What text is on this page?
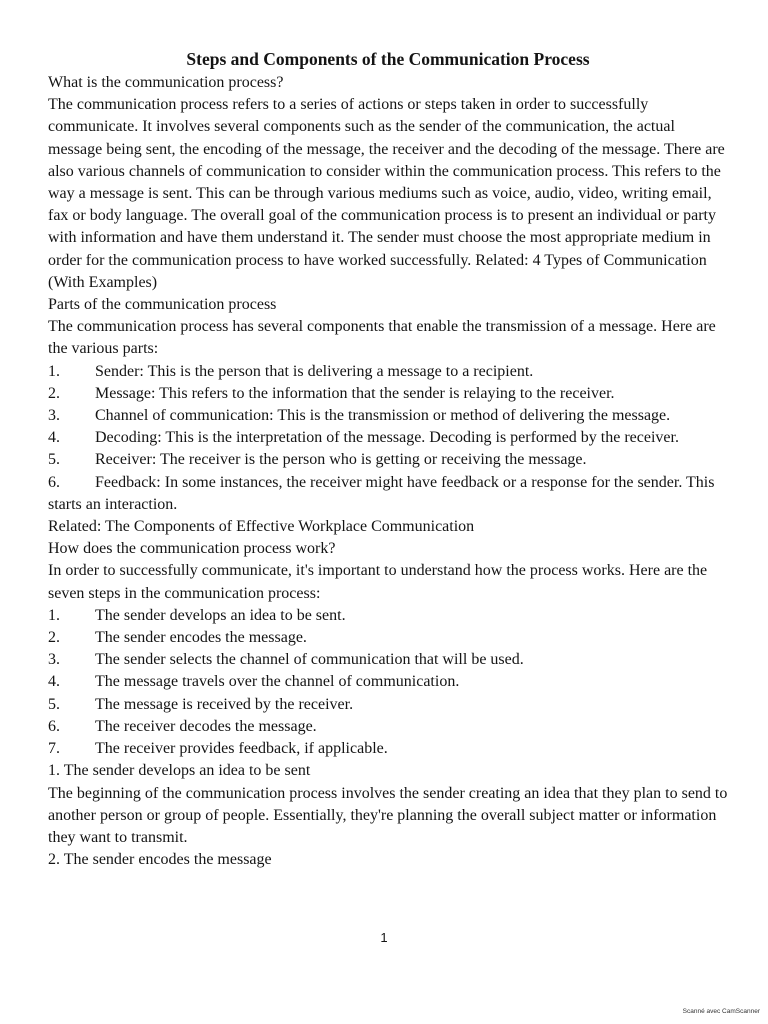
Steps and Components of the Communication Process

What is the communication process?

The communication process refers to a series of actions or steps taken in order to successfully communicate. It involves several components such as the sender of the communication, the actual message being sent, the encoding of the message, the receiver and the decoding of the message. There are also various channels of communication to consider within the communication process. This refers to the way a message is sent. This can be through various mediums such as voice, audio, video, writing email, fax or body language. The overall goal of the communication process is to present an individual or party with information and have them understand it. The sender must choose the most appropriate medium in order for the communication process to have worked successfully. Related: 4 Types of Communication (With Examples)

Parts of the communication process

The communication process has several components that enable the transmission of a message. Here are the various parts:

1.	Sender: This is the person that is delivering a message to a recipient.
2.	Message: This refers to the information that the sender is relaying to the receiver.
3.	Channel of communication: This is the transmission or method of delivering the message.
4. Decoding: This is the interpretation of the message. Decoding is performed by the receiver.
5.	Receiver: The receiver is the person who is getting or receiving the message.
6. Feedback: In some instances, the receiver might have feedback or a response for the sender. This starts an interaction.

Related: The Components of Effective Workplace Communication

How does the communication process work?

In order to successfully communicate, it's important to understand how the process works. Here are the seven steps in the communication process:

1.	The sender develops an idea to be sent.
2.	The sender encodes the message.
3.	The sender selects the channel of communication that will be used.
4.	The message travels over the channel of communication.
5.	The message is received by the receiver.
6.	The receiver decodes the message.
7.	The receiver provides feedback, if applicable.

1. The sender develops an idea to be sent

The beginning of the communication process involves the sender creating an idea that they plan to send to another person or group of people. Essentially, they're planning the overall subject matter or information they want to transmit.

2. The sender encodes the message

1
Scanné avec CamScanner
